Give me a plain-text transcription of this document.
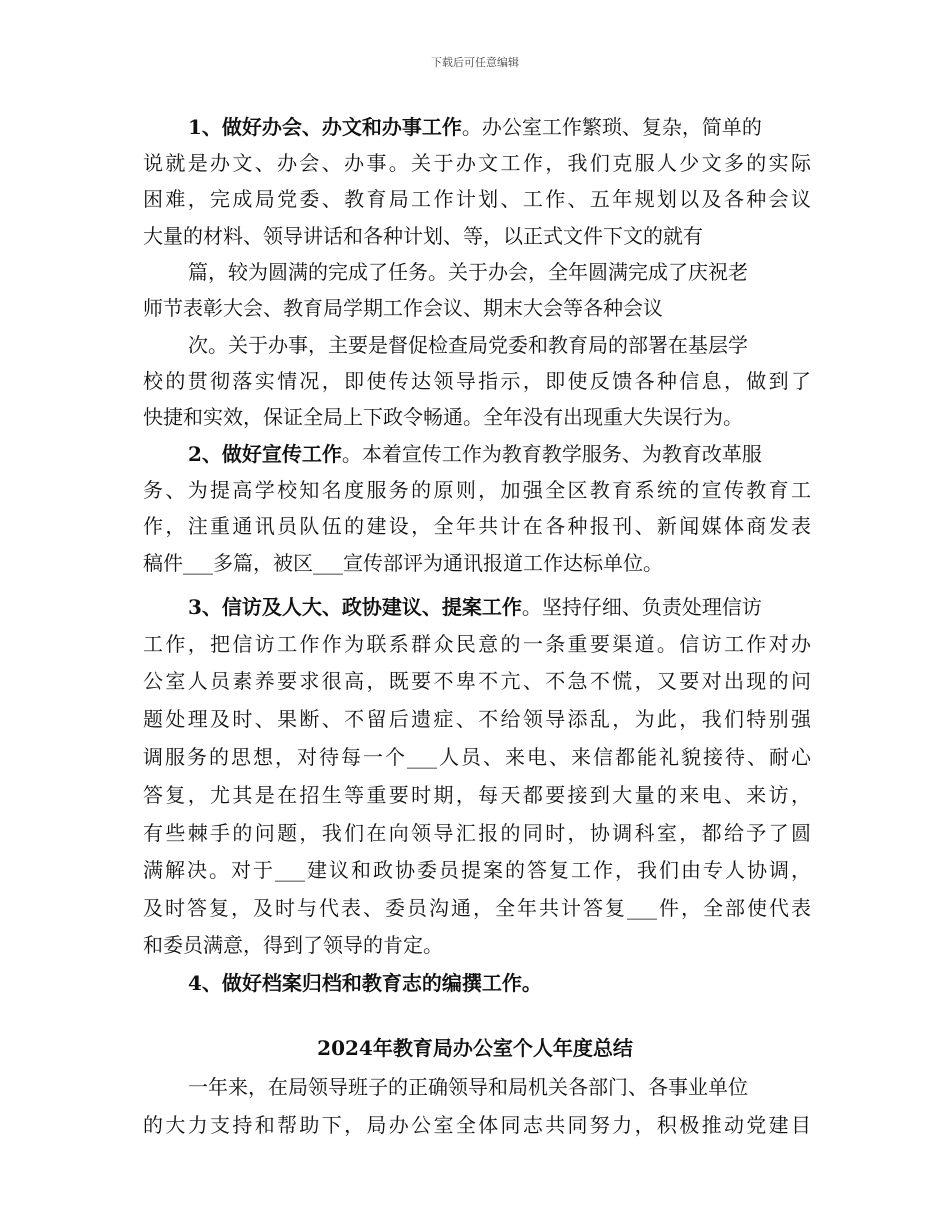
下载后可任意编辑
1、做好办会、办文和办事工作。办公室工作繁琐、复杂，简单的
说就是办文、办会、办事。关于办文工作，我们克服人少文多的实际
困难，完成局党委、教育局工作计划、工作、五年规划以及各种会议
大量的材料、领导讲话和各种计划、等，以正式文件下文的就有
篇，较为圆满的完成了任务。关于办会，全年圆满完成了庆祝老
师节表彰大会、教育局学期工作会议、期末大会等各种会议
次。关于办事，主要是督促检查局党委和教育局的部署在基层学
校的贯彻落实情况，即使传达领导指示，即使反馈各种信息，做到了
快捷和实效，保证全局上下政令畅通。全年没有出现重大失误行为。
2、做好宣传工作。本着宣传工作为教育教学服务、为教育改革服
务、为提高学校知名度服务的原则，加强全区教育系统的宣传教育工
作，注重通讯员队伍的建设，全年共计在各种报刊、新闻媒体商发表
稿件___多篇，被区___宣传部评为通讯报道工作达标单位。
3、信访及人大、政协建议、提案工作。坚持仔细、负责处理信访
工作，把信访工作作为联系群众民意的一条重要渠道。信访工作对办
公室人员素养要求很高，既要不卑不亢、不急不慌，又要对出现的问
题处理及时、果断、不留后遗症、不给领导添乱，为此，我们特别强
调服务的思想，对待每一个___人员、来电、来信都能礼貌接待、耐心
答复，尤其是在招生等重要时期，每天都要接到大量的来电、来访，
有些棘手的问题，我们在向领导汇报的同时，协调科室，都给予了圆
满解决。对于___建议和政协委员提案的答复工作，我们由专人协调，
及时答复，及时与代表、委员沟通，全年共计答复___件，全部使代表
和委员满意，得到了领导的肯定。
4、做好档案归档和教育志的编撰工作。
2024年教育局办公室个人年度总结
一年来，在局领导班子的正确领导和局机关各部门、各事业单位
的大力支持和帮助下，局办公室全体同志共同努力，积极推动党建目
